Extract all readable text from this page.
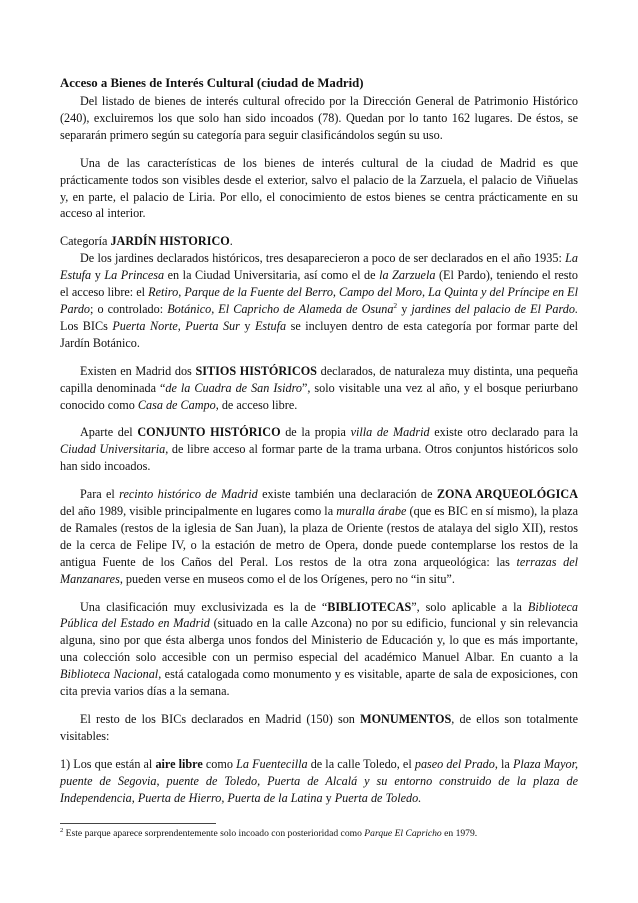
Acceso a Bienes de Interés Cultural (ciudad de Madrid)

Del listado de bienes de interés cultural ofrecido por la Dirección General de Patrimonio Histórico (240), excluiremos los que solo han sido incoados (78). Quedan por lo tanto 162 lugares. De éstos, se separarán primero según su categoría para seguir clasificándolos según su uso.

Una de las características de los bienes de interés cultural de la ciudad de Madrid es que prácticamente todos son visibles desde el exterior, salvo el palacio de la Zarzuela, el palacio de Viñuelas y, en parte, el palacio de Liria. Por ello, el conocimiento de estos bienes se centra prácticamente en su acceso al interior.

Categoría JARDÍN HISTORICO.

De los jardines declarados históricos, tres desaparecieron a poco de ser declarados en el año 1935: La Estufa y La Princesa en la Ciudad Universitaria, así como el de la Zarzuela (El Pardo), teniendo el resto el acceso libre: el Retiro, Parque de la Fuente del Berro, Campo del Moro, La Quinta y del Príncipe en El Pardo; o controlado: Botánico, El Capricho de Alameda de Osuna$^2$ y jardines del palacio de El Pardo. Los BICs Puerta Norte, Puerta Sur y Estufa se incluyen dentro de esta categoría por formar parte del Jardín Botánico.

Existen en Madrid dos SITIOS HISTÓRICOS declarados, de naturaleza muy distinta, una pequeña capilla denominada “de la Cuadra de San Isidro”, solo visitable una vez al año, y el bosque periurbano conocido como Casa de Campo, de acceso libre.

Aparte del CONJUNTO HISTÓRICO de la propia villa de Madrid existe otro declarado para la Ciudad Universitaria, de libre acceso al formar parte de la trama urbana. Otros conjuntos históricos solo han sido incoados.

Para el recinto histórico de Madrid existe también una declaración de ZONA ARQUEOLÓGICA del año 1989, visible principalmente en lugares como la muralla árabe (que es BIC en sí mismo), la plaza de Ramales (restos de la iglesia de San Juan), la plaza de Oriente (restos de atalaya del siglo XII), restos de la cerca de Felipe IV, o la estación de metro de Opera, donde puede contemplarse los restos de la antigua Fuente de los Caños del Peral. Los restos de la otra zona arqueológica: las terrazas del Manzanares, pueden verse en museos como el de los Orígenes, pero no “in situ”.

Una clasificación muy exclusivizada es la de “BIBLIOTECAS”, solo aplicable a la Biblioteca Pública del Estado en Madrid (situado en la calle Azcona) no por su edificio, funcional y sin relevancia alguna, sino por que ésta alberga unos fondos del Ministerio de Educación y, lo que es más importante, una colección solo accesible con un permiso especial del académico Manuel Albar. En cuanto a la Biblioteca Nacional, está catalogada como monumento y es visitable, aparte de sala de exposiciones, con cita previa varios días a la semana.

El resto de los BICs declarados en Madrid (150) son MONUMENTOS, de ellos son totalmente visitables:

1) Los que están al aire libre como La Fuentecilla de la calle Toledo, el paseo del Prado, la Plaza Mayor, puente de Segovia, puente de Toledo, Puerta de Alcalá y su entorno construido de la plaza de Independencia, Puerta de Hierro, Puerta de la Latina y Puerta de Toledo.

$^2$ Este parque aparece sorprendentemente solo incoado con posterioridad como Parque El Capricho en 1979.
